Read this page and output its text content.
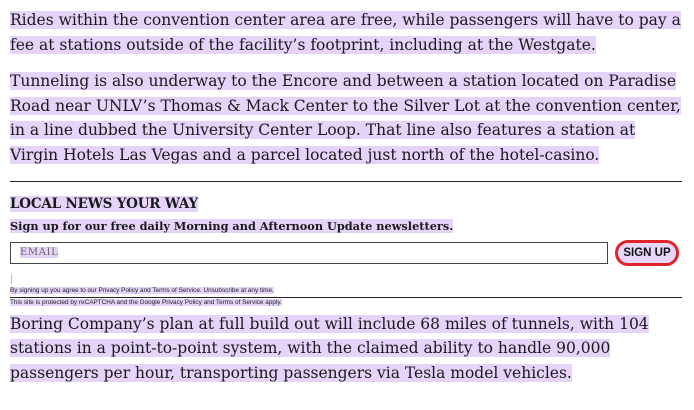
Rides within the convention center area are free, while passengers will have to pay a fee at stations outside of the facility’s footprint, including at the Westgate.

Tunneling is also underway to the Encore and between a station located on Paradise Road near UNLV’s Thomas & Mack Center to the Silver Lot at the convention center, in a line dubbed the University Center Loop. That line also features a station at Virgin Hotels Las Vegas and a parcel located just north of the hotel-casino.

LOCAL NEWS YOUR WAY

Sign up for our free daily Morning and Afternoon Update newsletters.

EMAIL	SIGN UP

By signing up you agree to our Privacy Policy and Terms of Service. Unsubscribe at any time.

This site is protected by reCAPTCHA and the Google Privacy Policy and Terms of Service apply.

Boring Company’s plan at full build out will include 68 miles of tunnels, with 104 stations in a point-to-point system, with the claimed ability to handle 90,000 passengers per hour, transporting passengers via Tesla model vehicles.
